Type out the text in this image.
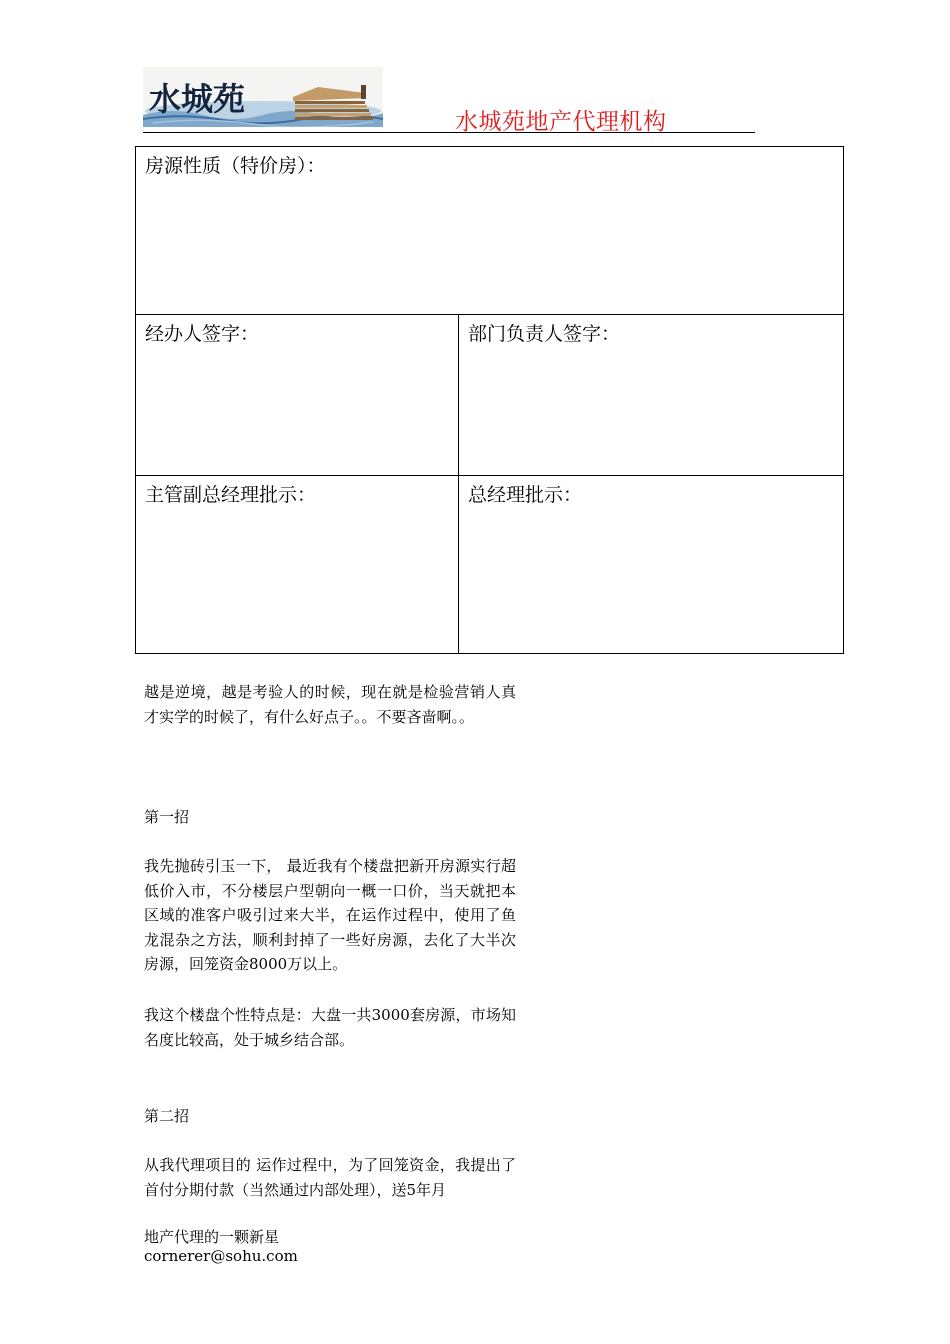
水城苑
水城苑地产代理机构
房源性质（特价房）：
经办人签字：	部门负责人签字：
主管副总经理批示：	总经理批示：
越是逆境，越是考验人的时候，现在就是检验营销人真才实学的时候了，有什么好点子。。不要吝啬啊。。
第一招
我先抛砖引玉一下， 最近我有个楼盘把新开房源实行超低价入市，不分楼层户型朝向一概一口价，当天就把本区域的准客户吸引过来大半，在运作过程中，使用了鱼龙混杂之方法，顺利封掉了一些好房源，去化了大半次房源，回笼资金8000万以上。
我这个楼盘个性特点是：大盘一共3000套房源，市场知名度比较高，处于城乡结合部。
第二招
从我代理项目的 运作过程中，为了回笼资金，我提出了首付分期付款（当然通过内部处理），送5年月
地产代理的一颗新星
cornerer@sohu.com
